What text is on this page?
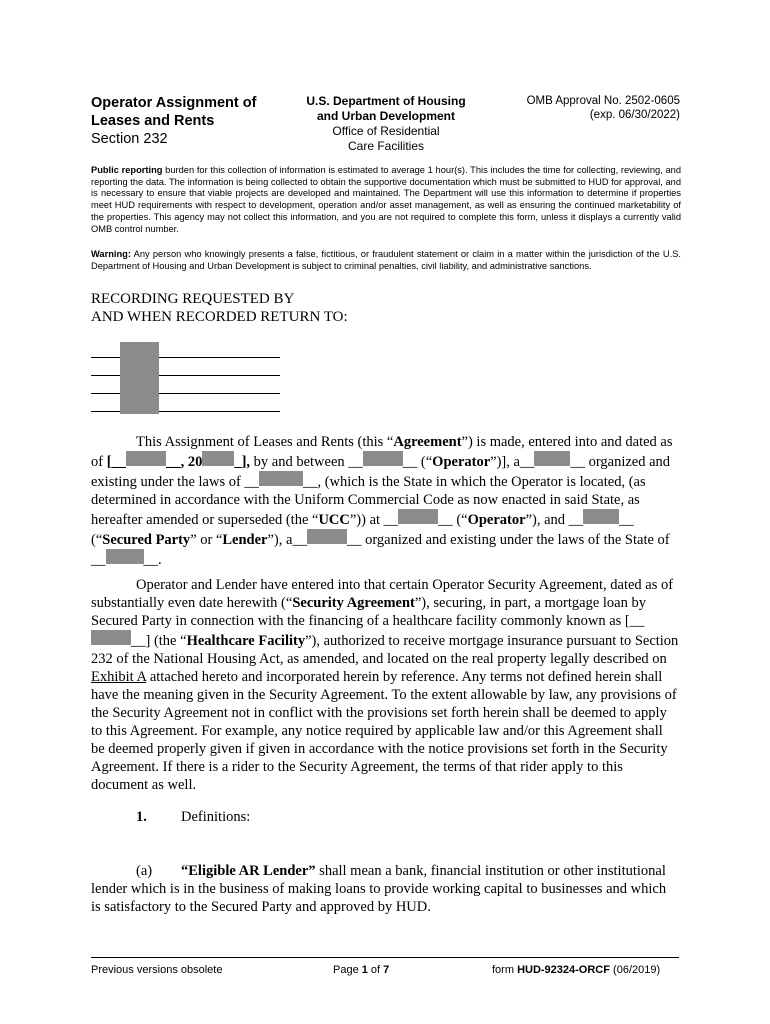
Operator Assignment of
Leases and Rents
Section 232
U.S. Department of Housing
and Urban Development
Office of Residential
Care Facilities
OMB Approval No. 2502-0605
(exp. 06/30/2022)
Public reporting burden for this collection of information is estimated to average 1 hour(s). This includes the time for collecting, reviewing, and reporting the data. The information is being collected to obtain the supportive documentation which must be submitted to HUD for approval, and is necessary to ensure that viable projects are developed and maintained. The Department will use this information to determine if properties meet HUD requirements with respect to development, operation and/or asset management, as well as ensuring the continued marketability of the properties. This agency may not collect this information, and you are not required to complete this form, unless it displays a currently valid OMB control number.
Warning: Any person who knowingly presents a false, fictitious, or fraudulent statement or claim in a matter within the jurisdiction of the U.S. Department of Housing and Urban Development is subject to criminal penalties, civil liability, and administrative sanctions.
RECORDING REQUESTED BY
AND WHEN RECORDED RETURN TO:

This Assignment of Leases and Rents (this “Agreement”) is made, entered into and dated as of [__	__, 20 _], by and between __	__ (“Operator”)], a__ __ organized and existing under the laws of __	__, (which is the State in which the Operator is located, (as determined in accordance with the Uniform Commercial Code as now enacted in said State, as hereafter amended or superseded (the “UCC”)) at __	__ (“Operator”), and __ __ (“Secured Party” or “Lender”), a__	__ organized and existing under the laws of the State of __	__.

Operator and Lender have entered into that certain Operator Security Agreement, dated as of substantially even date herewith (“Security Agreement”), securing, in part, a mortgage loan by Secured Party in connection with the financing of a healthcare facility commonly known as [____] (the “Healthcare Facility”), authorized to receive mortgage insurance pursuant to Section 232 of the National Housing Act, as amended, and located on the real property legally described on Exhibit A attached hereto and incorporated herein by reference. Any terms not defined herein shall have the meaning given in the Security Agreement. To the extent allowable by law, any provisions of the Security Agreement not in conflict with the provisions set forth herein shall be deemed to apply to this Agreement. For example, any notice required by applicable law and/or this Agreement shall be deemed properly given if given in accordance with the notice provisions set forth in the Security Agreement. If there is a rider to the Security Agreement, the terms of that rider apply to this document as well.

1. Definitions:

(a) “Eligible AR Lender” shall mean a bank, financial institution or other institutional lender which is in the business of making loans to provide working capital to businesses and which is satisfactory to the Secured Party and approved by HUD.

Previous versions obsolete	Page 1 of 7	form HUD-92324-ORCF (06/2019)
